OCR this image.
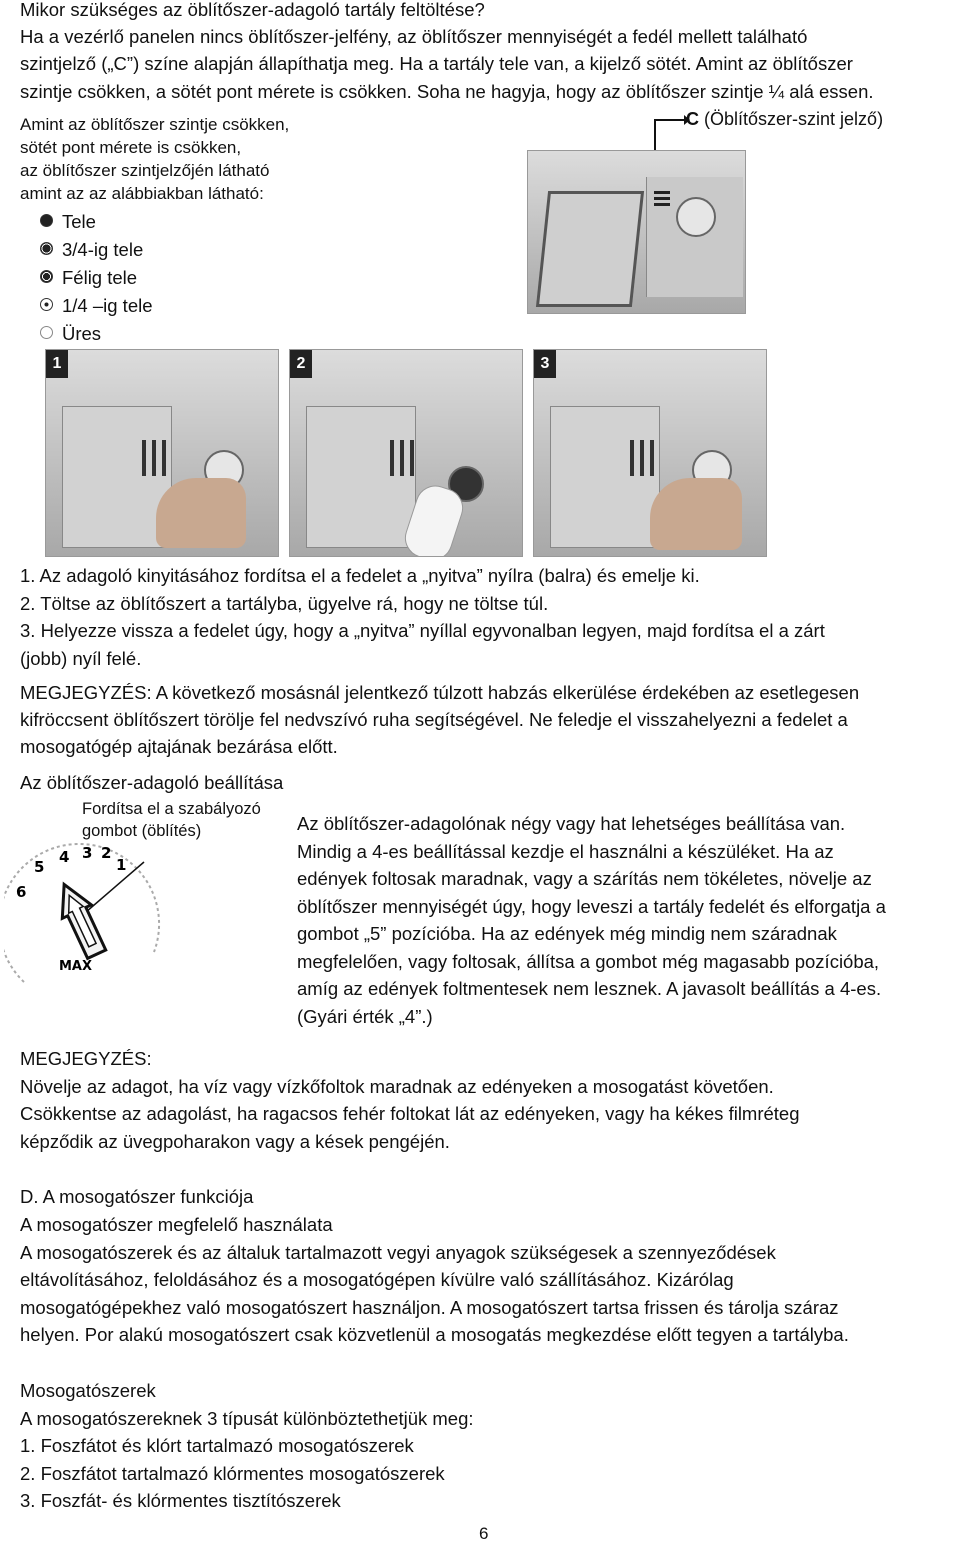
Mikor szükséges az öblítőszer-adagoló tartály feltöltése?
Ha a vezérlő panelen nincs öblítőszer-jelfény, az öblítőszer mennyiségét a fedél mellett található
szintjelző („C”) színe alapján állapíthatja meg. Ha a tartály tele van, a kijelző sötét. Amint az öblítőszer
szintje csökken, a sötét pont mérete is csökken. Soha ne hagyja, hogy az öblítőszer szintje ¼ alá essen.
Amint az öblítőszer szintje csökken,
sötét pont mérete is csökken,
az öblítőszer szintjelzőjén látható
amint az az alábbiakban látható:
Tele
3/4-ig tele
Félig tele
1/4 –ig tele
Üres
C (Öblítőszer-szint jelző)
1	2	3
1. Az adagoló kinyitásához fordítsa el a fedelet a „nyitva” nyílra (balra) és emelje ki.
2. Töltse az öblítőszert a tartályba, ügyelve rá, hogy ne töltse túl.
3. Helyezze vissza a fedelet úgy, hogy a „nyitva” nyíllal egyvonalban legyen, majd fordítsa el a zárt
(jobb) nyíl felé.
MEGJEGYZÉS: A következő mosásnál jelentkező túlzott habzás elkerülése érdekében az esetlegesen
kifröccsent öblítőszert törölje fel nedvszívó ruha segítségével. Ne feledje el visszahelyezni a fedelet a
mosogatógép ajtajának bezárása előtt.
Az öblítőszer-adagoló beállítása
Fordítsa el a szabályozó
gombot (öblítés)
1
2
3
4
5
6
MAX
Az öblítőszer-adagolónak négy vagy hat lehetséges beállítása van.
Mindig a 4-es beállítással kezdje el használni a készüléket. Ha az
edények foltosak maradnak, vagy a szárítás nem tökéletes, növelje az
öblítőszer mennyiségét úgy, hogy leveszi a tartály fedelét és elforgatja a
gombot „5” pozícióba. Ha az edények még mindig nem száradnak
megfelelően, vagy foltosak, állítsa a gombot még magasabb pozícióba,
amíg az edények foltmentesek nem lesznek. A javasolt beállítás a 4-es.
(Gyári érték „4”.)
MEGJEGYZÉS:
Növelje az adagot, ha víz vagy vízkőfoltok maradnak az edényeken a mosogatást követően.
Csökkentse az adagolást, ha ragacsos fehér foltokat lát az edényeken, vagy ha kékes filmréteg
képződik az üvegpoharakon vagy a kések pengéjén.
D. A mosogatószer funkciója
A mosogatószer megfelelő használata
A mosogatószerek és az általuk tartalmazott vegyi anyagok szükségesek a szennyeződések
eltávolításához, feloldásához és a mosogatógépen kívülre való szállításához. Kizárólag
mosogatógépekhez való mosogatószert használjon. A mosogatószert tartsa frissen és tárolja száraz
helyen. Por alakú mosogatószert csak közvetlenül a mosogatás megkezdése előtt tegyen a tartályba.
Mosogatószerek
A mosogatószereknek 3 típusát különböztethetjük meg:
1. Foszfátot és klórt tartalmazó mosogatószerek
2. Foszfátot tartalmazó klórmentes mosogatószerek
3. Foszfát- és klórmentes tisztítószerek
6
